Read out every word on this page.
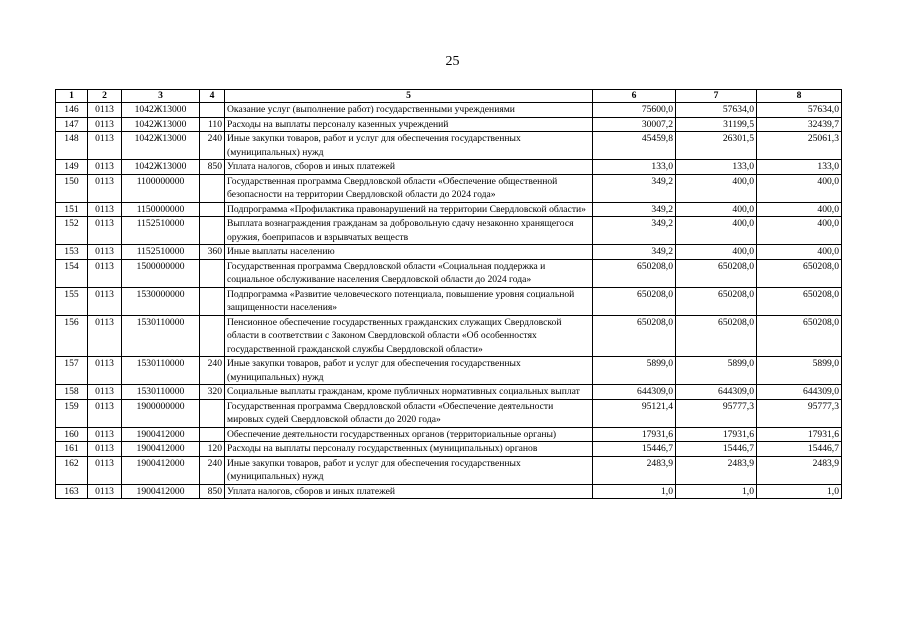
25
1	2	3	4	5	6	7	8
146	0113	1042Ж13000		Оказание услуг (выполнение работ) государственными учреждениями	75600,0	57634,0	57634,0
147	0113	1042Ж13000	110	Расходы на выплаты персоналу казенных учреждений	30007,2	31199,5	32439,7
148	0113	1042Ж13000	240	Иные закупки товаров, работ и услуг для обеспечения государственных (муниципальных) нужд	45459,8	26301,5	25061,3
149	0113	1042Ж13000	850	Уплата налогов, сборов и иных платежей	133,0	133,0	133,0
150	0113	1100000000		Государственная программа Свердловской области «Обеспечение общественной безопасности на территории Свердловской области до 2024 года»	349,2	400,0	400,0
151	0113	1150000000		Подпрограмма «Профилактика правонарушений на территории Свердловской области»	349,2	400,0	400,0
152	0113	1152510000		Выплата вознаграждения гражданам за добровольную сдачу незаконно хранящегося оружия, боеприпасов и взрывчатых веществ	349,2	400,0	400,0
153	0113	1152510000	360	Иные выплаты населению	349,2	400,0	400,0
154	0113	1500000000		Государственная программа Свердловской области «Социальная поддержка и социальное обслуживание населения Свердловской области до 2024 года»	650208,0	650208,0	650208,0
155	0113	1530000000		Подпрограмма «Развитие человеческого потенциала, повышение уровня социальной защищенности населения»	650208,0	650208,0	650208,0
156	0113	1530110000		Пенсионное обеспечение государственных гражданских служащих Свердловской области в соответствии с Законом Свердловской области «Об особенностях государственной гражданской службы Свердловской области»	650208,0	650208,0	650208,0
157	0113	1530110000	240	Иные закупки товаров, работ и услуг для обеспечения государственных (муниципальных) нужд	5899,0	5899,0	5899,0
158	0113	1530110000	320	Социальные выплаты гражданам, кроме публичных нормативных социальных выплат	644309,0	644309,0	644309,0
159	0113	1900000000		Государственная программа Свердловской области «Обеспечение деятельности мировых судей Свердловской области до 2020 года»	95121,4	95777,3	95777,3
160	0113	1900412000		Обеспечение деятельности государственных органов (территориальные органы)	17931,6	17931,6	17931,6
161	0113	1900412000	120	Расходы на выплаты персоналу государственных (муниципальных) органов	15446,7	15446,7	15446,7
162	0113	1900412000	240	Иные закупки товаров, работ и услуг для обеспечения государственных (муниципальных) нужд	2483,9	2483,9	2483,9
163	0113	1900412000	850	Уплата налогов, сборов и иных платежей	1,0	1,0	1,0
